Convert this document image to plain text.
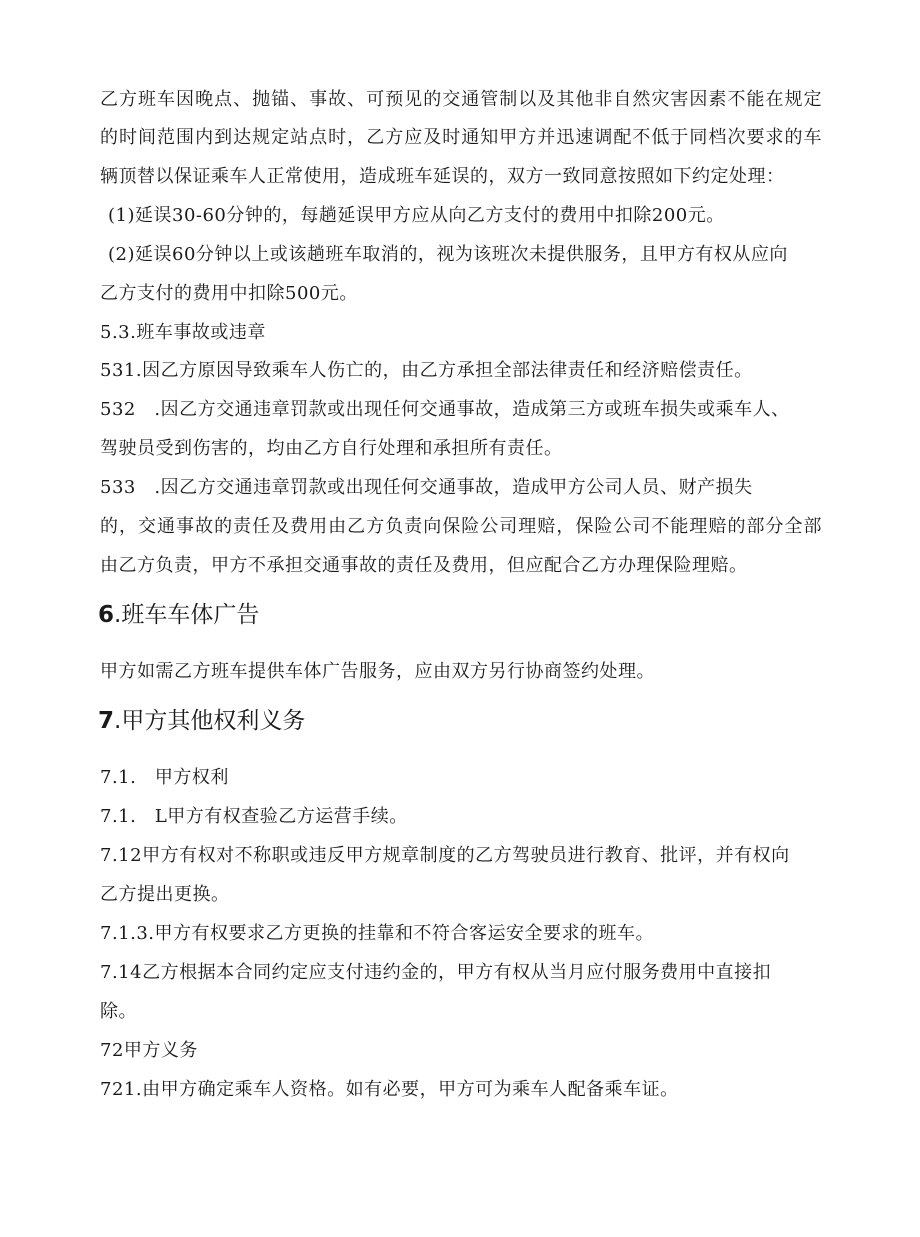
乙方班车因晚点、抛锚、事故、可预见的交通管制以及其他非自然灾害因素不能在规定
的时间范围内到达规定站点时，乙方应及时通知甲方并迅速调配不低于同档次要求的车
辆顶替以保证乘车人正常使用，造成班车延误的，双方一致同意按照如下约定处理：
(1)延误30-60分钟的，每趟延误甲方应从向乙方支付的费用中扣除200元。
(2)延误60分钟以上或该趟班车取消的，视为该班次未提供服务，且甲方有权从应向
乙方支付的费用中扣除500元。
5.3.班车事故或违章
531.因乙方原因导致乘车人伤亡的，由乙方承担全部法律责任和经济赔偿责任。
532　.因乙方交通违章罚款或出现任何交通事故，造成第三方或班车损失或乘车人、
驾驶员受到伤害的，均由乙方自行处理和承担所有责任。
533　.因乙方交通违章罚款或出现任何交通事故，造成甲方公司人员、财产损失
的，交通事故的责任及费用由乙方负责向保险公司理赔，保险公司不能理赔的部分全部
由乙方负责，甲方不承担交通事故的责任及费用，但应配合乙方办理保险理赔。
6.班车车体广告
甲方如需乙方班车提供车体广告服务，应由双方另行协商签约处理。
7.甲方其他权利义务
7.1.　甲方权利
7.1.　L甲方有权查验乙方运营手续。
7.12甲方有权对不称职或违反甲方规章制度的乙方驾驶员进行教育、批评，并有权向
乙方提出更换。
7.1.3.甲方有权要求乙方更换的挂靠和不符合客运安全要求的班车。
7.14乙方根据本合同约定应支付违约金的，甲方有权从当月应付服务费用中直接扣
除。
72甲方义务
721.由甲方确定乘车人资格。如有必要，甲方可为乘车人配备乘车证。
